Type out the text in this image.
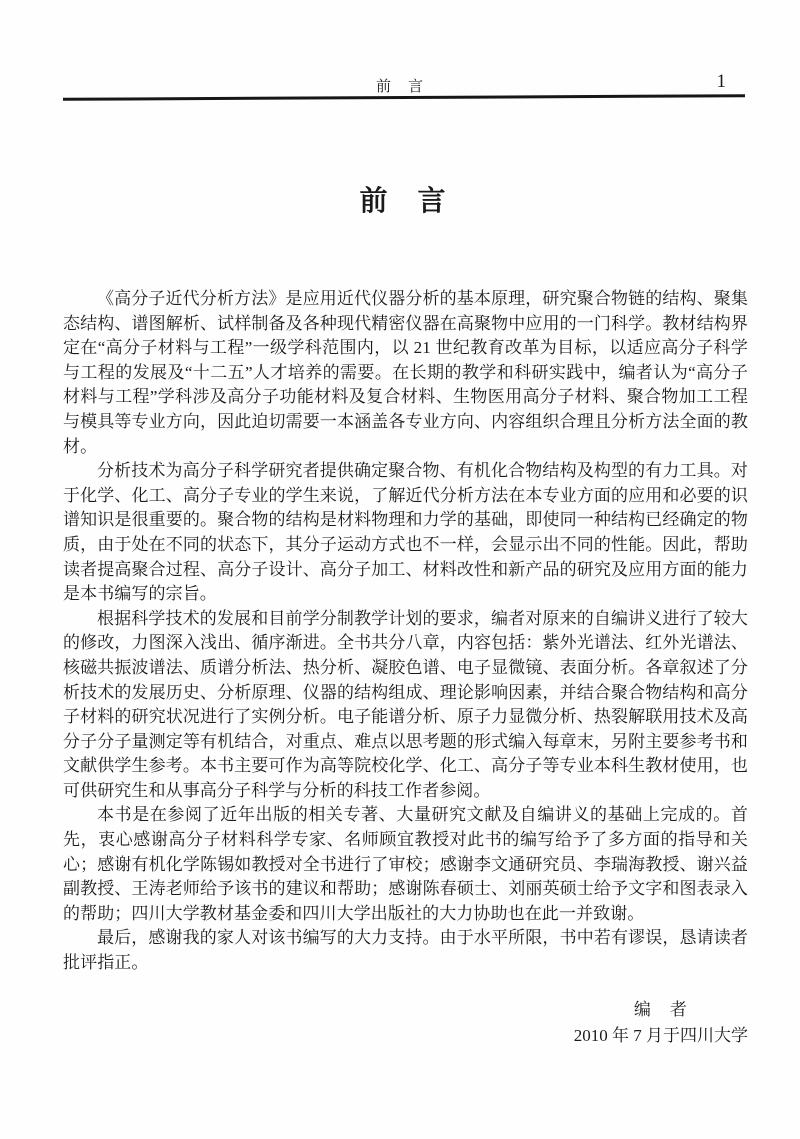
前　言	1
前　言

《高分子近代分析方法》是应用近代仪器分析的基本原理，研究聚合物链的结构、聚集态结构、谱图解析、试样制备及各种现代精密仪器在高聚物中应用的一门科学。教材结构界定在“高分子材料与工程”一级学科范围内，以 21 世纪教育改革为目标，以适应高分子科学与工程的发展及“十二五”人才培养的需要。在长期的教学和科研实践中，编者认为“高分子材料与工程”学科涉及高分子功能材料及复合材料、生物医用高分子材料、聚合物加工工程与模具等专业方向，因此迫切需要一本涵盖各专业方向、内容组织合理且分析方法全面的教材。

分析技术为高分子科学研究者提供确定聚合物、有机化合物结构及构型的有力工具。对于化学、化工、高分子专业的学生来说，了解近代分析方法在本专业方面的应用和必要的识谱知识是很重要的。聚合物的结构是材料物理和力学的基础，即使同一种结构已经确定的物质，由于处在不同的状态下，其分子运动方式也不一样，会显示出不同的性能。因此，帮助读者提高聚合过程、高分子设计、高分子加工、材料改性和新产品的研究及应用方面的能力是本书编写的宗旨。

根据科学技术的发展和目前学分制教学计划的要求，编者对原来的自编讲义进行了较大的修改，力图深入浅出、循序渐进。全书共分八章，内容包括：紫外光谱法、红外光谱法、核磁共振波谱法、质谱分析法、热分析、凝胶色谱、电子显微镜、表面分析。各章叙述了分析技术的发展历史、分析原理、仪器的结构组成、理论影响因素，并结合聚合物结构和高分子材料的研究状况进行了实例分析。电子能谱分析、原子力显微分析、热裂解联用技术及高分子分子量测定等有机结合，对重点、难点以思考题的形式编入每章末，另附主要参考书和文献供学生参考。本书主要可作为高等院校化学、化工、高分子等专业本科生教材使用，也可供研究生和从事高分子科学与分析的科技工作者参阅。

本书是在参阅了近年出版的相关专著、大量研究文献及自编讲义的基础上完成的。首先，衷心感谢高分子材料科学专家、名师顾宜教授对此书的编写给予了多方面的指导和关心；感谢有机化学陈锡如教授对全书进行了审校；感谢李文通研究员、李瑞海教授、谢兴益副教授、王涛老师给予该书的建议和帮助；感谢陈春硕士、刘丽英硕士给予文字和图表录入的帮助；四川大学教材基金委和四川大学出版社的大力协助也在此一并致谢。

最后，感谢我的家人对该书编写的大力支持。由于水平所限，书中若有谬误，恳请读者批评指正。

编　者
2010 年 7 月于四川大学
